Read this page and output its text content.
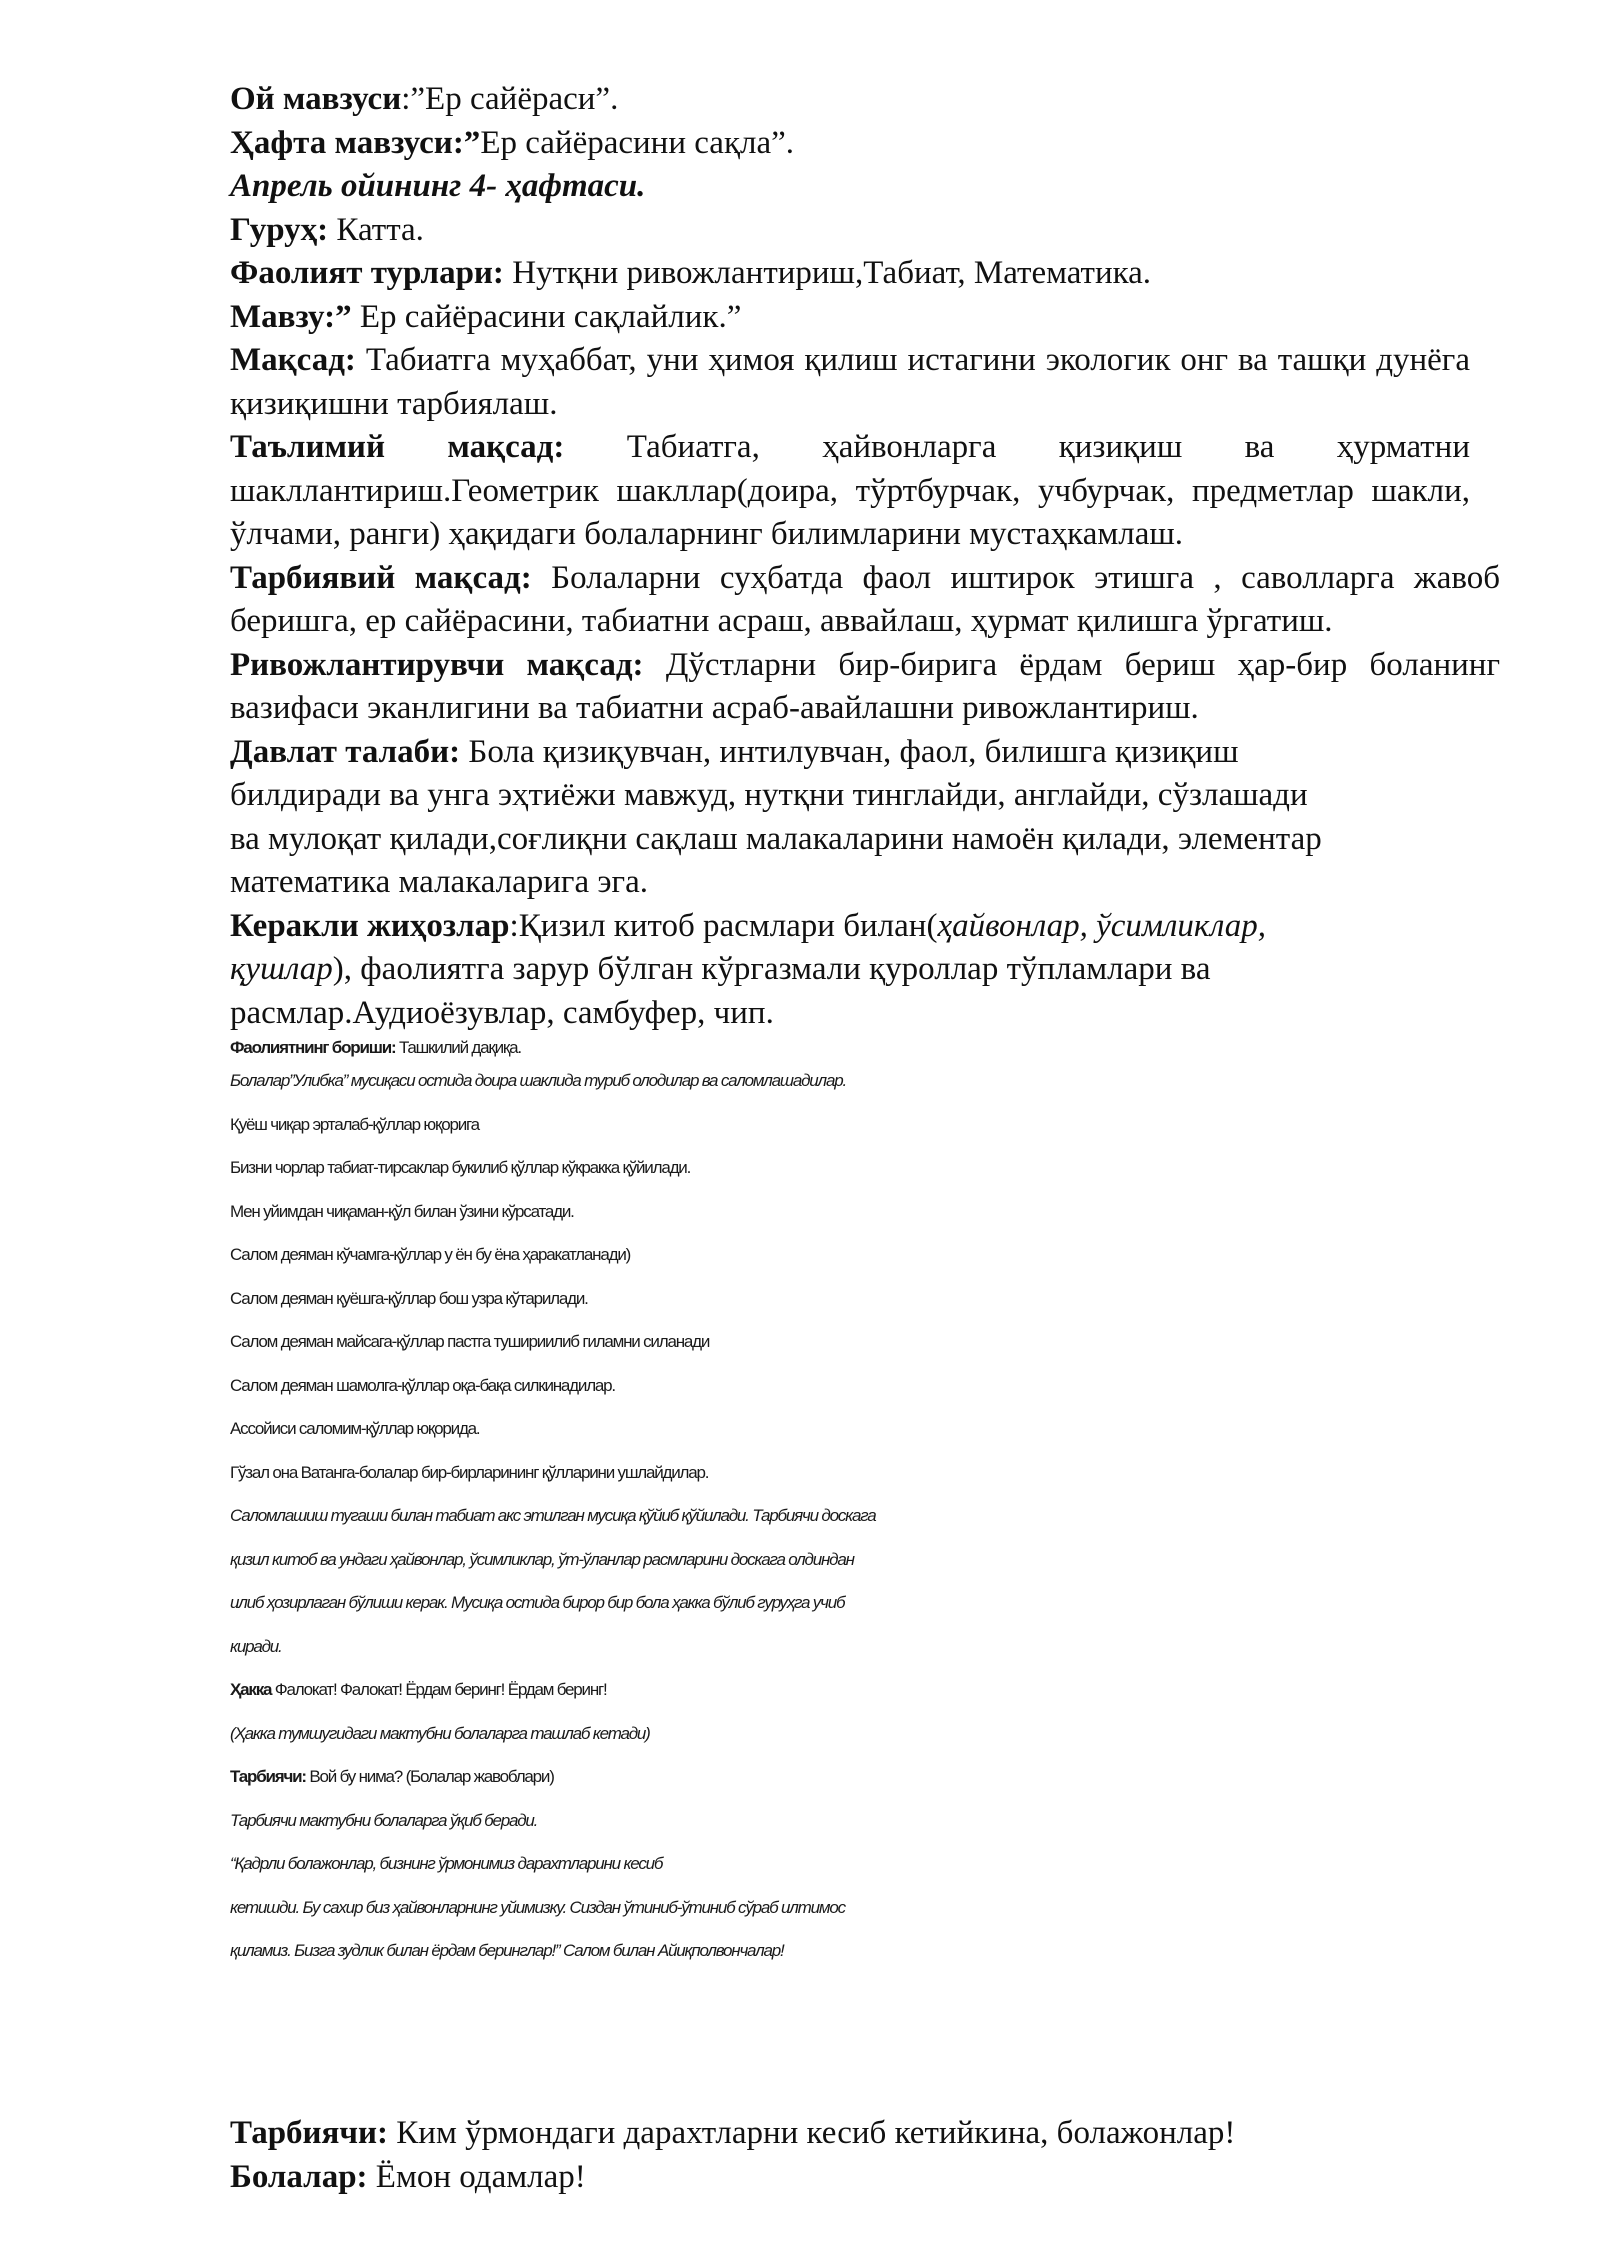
Ой мавзуси:”Ер сайёраси”.

Ҳафта мавзуси:”Ер сайёрасини сақла”.

Апрель ойининг 4- ҳафтаси.

Гуруҳ: Катта.

Фаолият турлари: Нутқни ривожлантириш,Табиат, Математика.

Мавзу:” Ер сайёрасини сақлайлик.”

Мақсад: Табиатга муҳаббат, уни ҳимоя қилиш истагини экологик онг ва ташқи дунёга қизиқишни тарбиялаш.

Таълимий мақсад: Табиатга, ҳайвонларга қизиқиш ва ҳурматни шакллантириш.Геометрик шакллар(доира, тўртбурчак, учбурчак, предметлар шакли, ўлчами, ранги) ҳақидаги болаларнинг билимларини мустаҳкамлаш.

Тарбиявий мақсад: Болаларни суҳбатда фаол иштирок этишга , саволларга жавоб беришга, ер сайёрасини, табиатни асраш, аввайлаш, ҳурмат қилишга ўргатиш.

Ривожлантирувчи мақсад: Дўстларни бир-бирига ёрдам бериш ҳар-бир боланинг вазифаси эканлигини ва табиатни асраб-авайлашни ривожлантириш.

Давлат талаби: Бола қизиқувчан, интилувчан, фаол, билишга қизиқиш

билдиради ва унга эҳтиёжи мавжуд, нутқни тинглайди, англайди, сўзлашади

ва мулоқат қилади,соғлиқни сақлаш малакаларини намоён қилади, элементар

математика малакаларига эга.

Керакли жиҳозлар:Қизил китоб расмлари билан(ҳайвонлар, ўсимликлар,

қушлар), фаолиятга зарур бўлган кўргазмали қуроллар тўпламлари ва

расмлар.Аудиоёзувлар, самбуфер, чип.

Фаолиятнинг бориши: Ташкилий дақиқа.

Болалар”Улибка” мусиқаси остида доира шаклида туриб олодилар ва саломлашадилар.

Қуёш чиқар эрталаб-қўллар юқорига

Бизни чорлар табиат-тирсаклар букилиб қўллар кўкракка қўйилади.

Мен уйимдан чиқаман-қўл билан ўзини кўрсатади.

Салом деяман кўчамга-қўллар у ён бу ёна ҳаракатланади)

Салом деяман қуёшга-қўллар бош узра кўтарилади.

Салом деяман майсага-қўллар пастга тушириилиб гиламни силанади

Салом деяман шамолга-қўллар оқа-бақа силкинадилар.

Ассойиси саломим-қўллар юқорида.

Гўзал она Ватанга-болалар бир-бирларининг қўлларини ушлайдилар.

Саломлашиш тугаши билан табиат акс этилган мусиқа қўйиб қўйилади. Тарбиячи доскага

қизил китоб ва ундаги ҳайвонлар, ўсимликлар, ўт-ўланлар расмларини доскага олдиндан

илиб ҳозирлаган бўлиши керак. Мусиқа остида бирор бир бола ҳакка бўлиб гуруҳга учиб

киради.

Ҳакка Фалокат! Фалокат! Ёрдам беринг! Ёрдам беринг!

(Ҳакка тумшугидаги мактубни болаларга ташлаб кетади)

Тарбиячи: Вой бу нима? (Болалар жавоблари)

Тарбиячи мактубни болаларга ўқиб беради.

“Қадрли болажонлар, бизнинг ўрмонимиз дарахтларини кесиб

кетишди. Бу сахир биз ҳайвонларнинг уйимизку. Сиздан ўтиниб-ўтиниб сўраб илтимос

қиламиз. Бизга зудлик билан ёрдам беринглар!” Салом билан Айиқполвончалар!

Тарбиячи: Ким ўрмондаги дарахтларни кесиб кетийкина, болажонлар!

Болалар: Ёмон одамлар!
